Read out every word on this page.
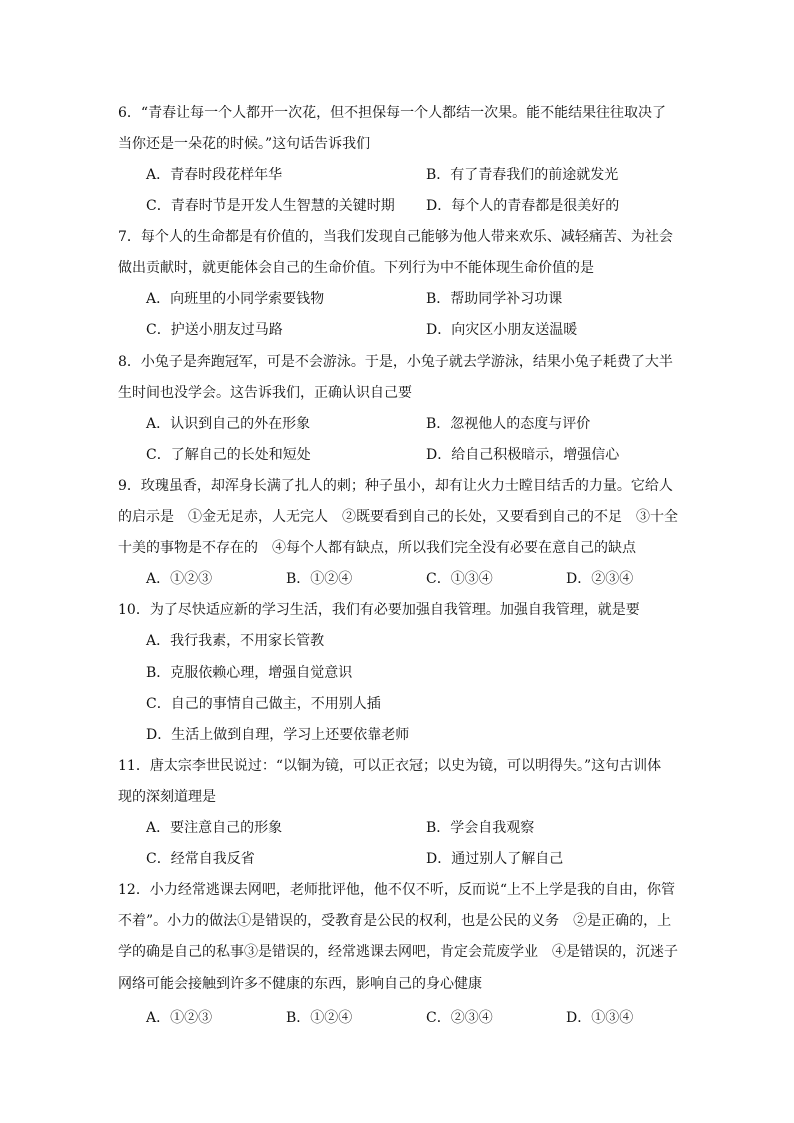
6．“青春让每一个人都开一次花，但不担保每一个人都结一次果。能不能结果往往取决了
当你还是一朵花的时候。”这句话告诉我们
A．青春时段花样年华	B．有了青春我们的前途就发光
C．青春时节是开发人生智慧的关键时期 D．每个人的青春都是很美好的
7．每个人的生命都是有价值的，当我们发现自己能够为他人带来欢乐、减轻痛苦、为社会
做出贡献时，就更能体会自己的生命价值。下列行为中不能体现生命价值的是
A．向班里的小同学索要钱物	B．帮助同学补习功课
C．护送小朋友过马路	D．向灾区小朋友送温暖
8．小兔子是奔跑冠军，可是不会游泳。于是，小兔子就去学游泳，结果小兔子耗费了大半
生时间也没学会。这告诉我们，正确认识自己要
A．认识到自己的外在形象	B．忽视他人的态度与评价
C．了解自己的长处和短处	D．给自己积极暗示，增强信心
9．玫瑰虽香，却浑身长满了扎人的刺；种子虽小，却有让火力士瞠目结舌的力量。它给人
的启示是　①金无足赤，人无完人　②既要看到自己的长处，又要看到自己的不足　③十全
十美的事物是不存在的　④每个人都有缺点，所以我们完全没有必要在意自己的缺点
A．①②③	B．①②④	C．①③④	D．②③④
10．为了尽快适应新的学习生活，我们有必要加强自我管理。加强自我管理，就是要
A．我行我素，不用家长管教
B．克服依赖心理，增强自觉意识
C．自己的事情自己做主，不用别人插
D．生活上做到自理，学习上还要依靠老师
11．唐太宗李世民说过：“以铜为镜，可以正衣冠；以史为镜，可以明得失。”这句古训体
现的深刻道理是
A．要注意自己的形象	B．学会自我观察
C．经常自我反省	D．通过别人了解自己
12．小力经常逃课去网吧，老师批评他，他不仅不听，反而说“上不上学是我的自由，你管
不着”。小力的做法①是错误的，受教育是公民的权利，也是公民的义务　②是正确的，上
学的确是自己的私事③是错误的，经常逃课去网吧，肯定会荒废学业　④是错误的，沉迷子
网络可能会接触到许多不健康的东西，影响自己的身心健康
A．①②③	B．①②④	C．②③④	D．①③④
